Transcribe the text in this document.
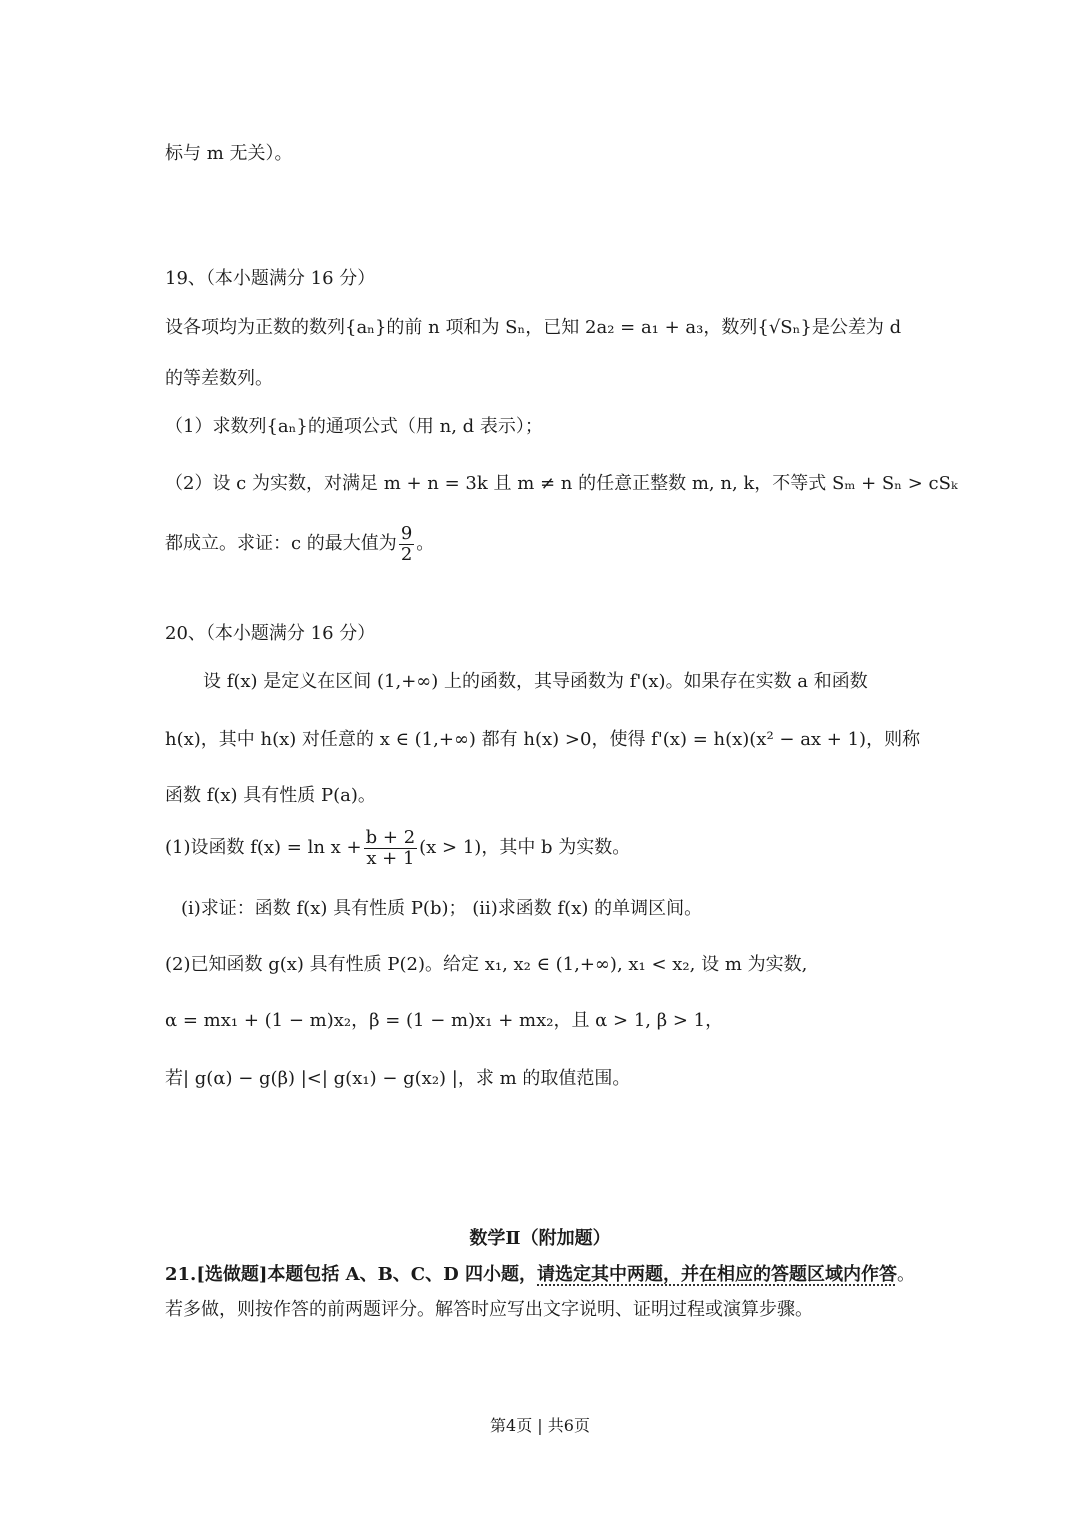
标与 m 无关）。
19、（本小题满分 16 分）
设各项均为正数的数列{aₙ}的前 n 项和为 Sₙ，已知 2a₂ = a₁ + a₃，数列{√Sₙ}是公差为 d
的等差数列。
（1）求数列{aₙ}的通项公式（用 n, d 表示）；
（2）设 c 为实数，对满足 m + n = 3k 且 m ≠ n 的任意正整数 m, n, k，不等式 Sₘ + Sₙ > cSₖ
都成立。求证：c 的最大值为 $\frac{9}{2}$ 。
20、（本小题满分 16 分）
设 f(x) 是定义在区间 (1,+∞) 上的函数，其导函数为 f'(x)。如果存在实数 a 和函数
h(x)，其中 h(x) 对任意的 x ∈ (1,+∞) 都有 h(x) >0，使得 f'(x) = h(x)(x² − ax + 1)，则称
函数 f(x) 具有性质 P(a)。
(1)设函数 $f(x) = \ln x + \frac{b + 2}{x + 1} (x > 1)$，其中 b 为实数。
(i)求证：函数 f(x) 具有性质 P(b)； (ii)求函数 f(x) 的单调区间。
(2)已知函数 g(x) 具有性质 P(2)。给定 x₁, x₂ ∈ (1,+∞), x₁ < x₂, 设 m 为实数,
α = mx₁ + (1 − m)x₂，β = (1 − m)x₁ + mx₂，且 α > 1, β > 1，
若| g(α) − g(β) |<| g(x₁) − g(x₂) |，求 m 的取值范围。
数学Ⅱ（附加题）
21.[选做题]本题包括 A、B、C、D 四小题，请选定其中两题，并在相应的答题区域内作答。
若多做，则按作答的前两题评分。解答时应写出文字说明、证明过程或演算步骤。
第4页 | 共6页
